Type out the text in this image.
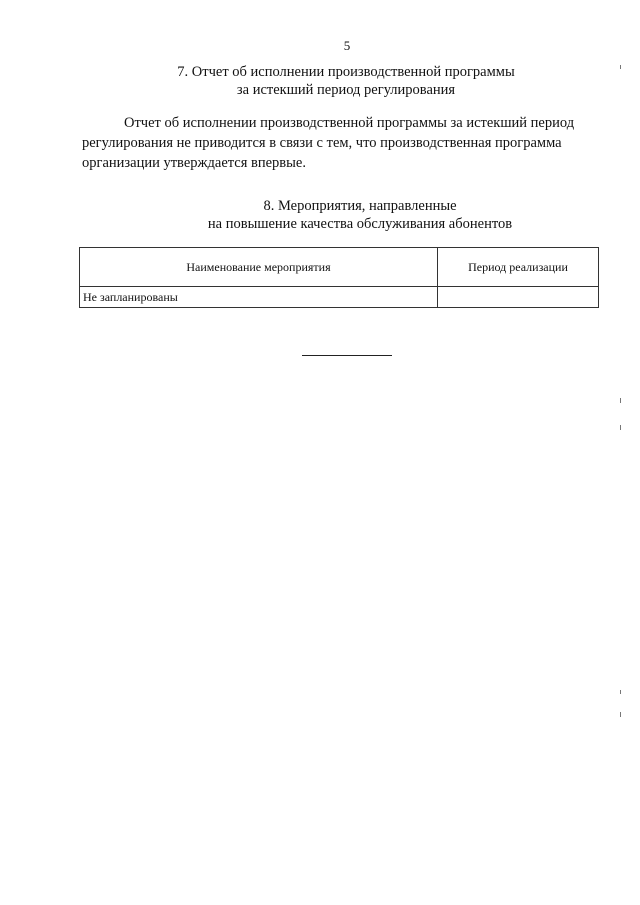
5
7. Отчет об исполнении производственной программы
за истекший период регулирования
Отчет об исполнении производственной программы за истекший период
регулирования не приводится в связи с тем, что производственная программа
организации утверждается впервые.
8. Мероприятия, направленные
на повышение качества обслуживания абонентов
Наименование мероприятия	Период реализации
Не запланированы	
